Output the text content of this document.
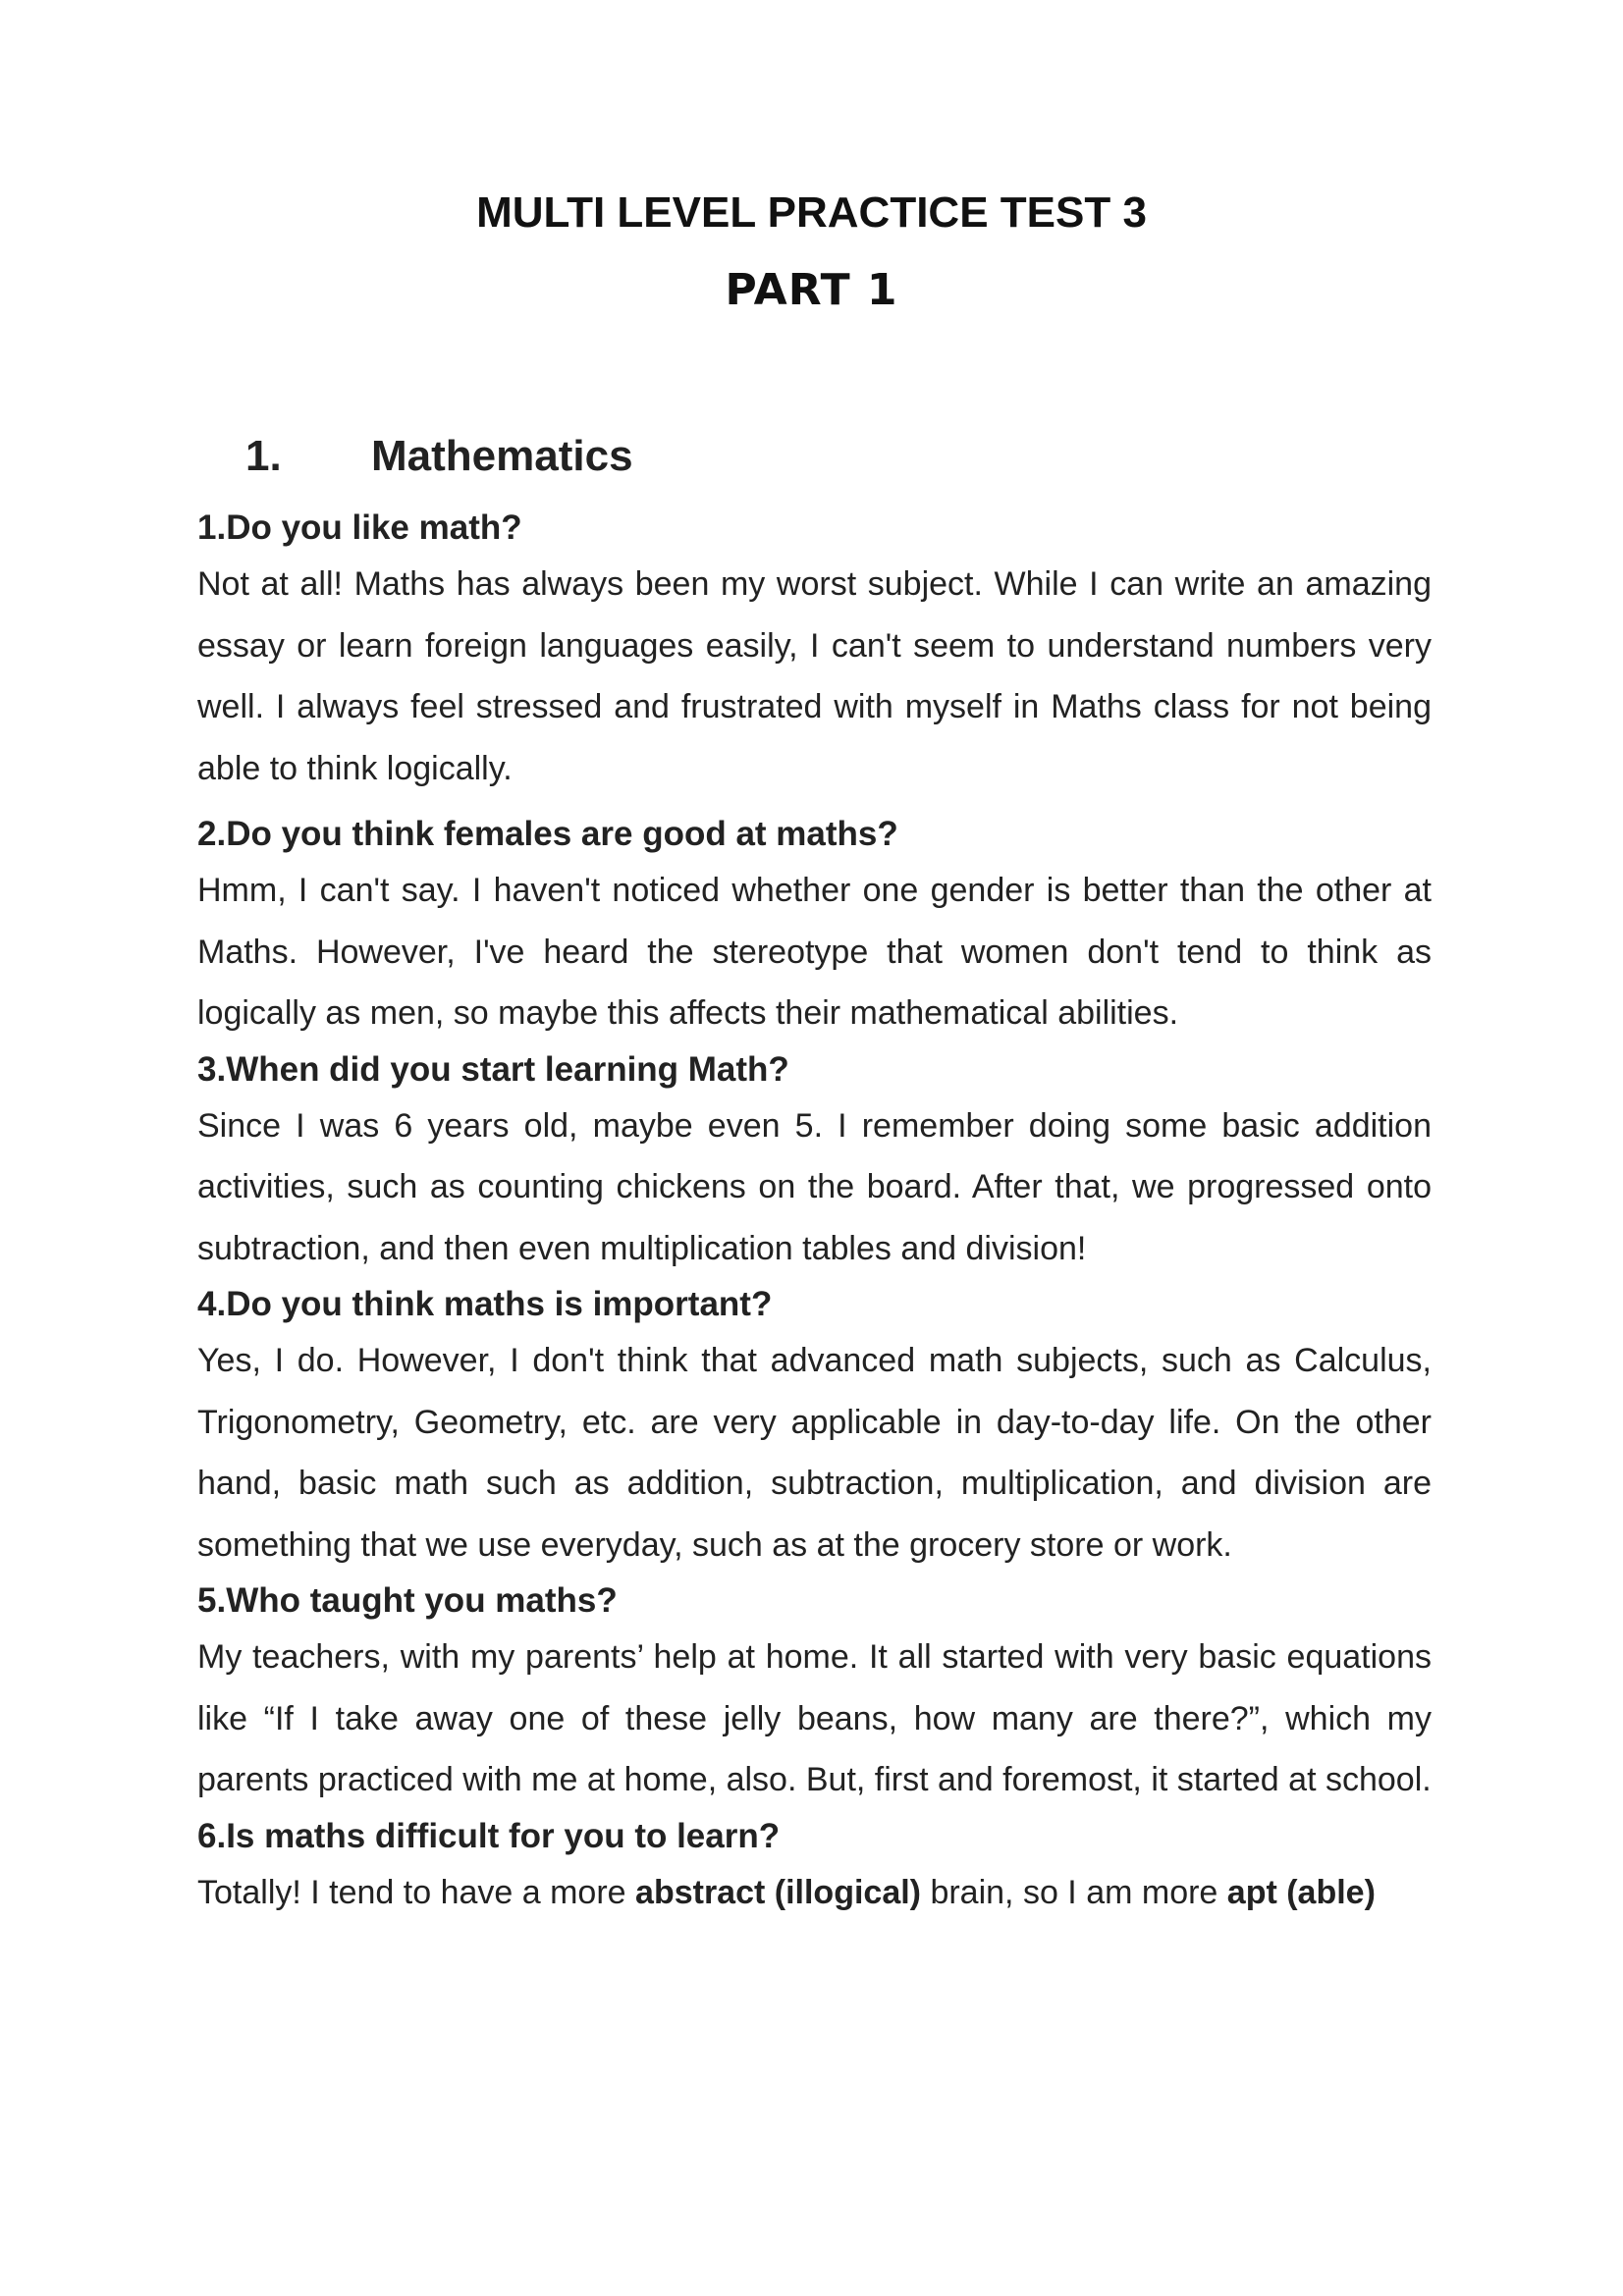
MULTI LEVEL PRACTICE TEST 3
PART 1
1. Mathematics

1.Do you like math?

Not at all! Maths has always been my worst subject. While I can write an amazing essay or learn foreign languages easily, I can't seem to understand numbers very well. I always feel stressed and frustrated with myself in Maths class for not being able to think logically.

2.Do you think females are good at maths?

Hmm, I can't say. I haven't noticed whether one gender is better than the other at Maths. However, I've heard the stereotype that women don't tend to think as logically as men, so maybe this affects their mathematical abilities.

3.When did you start learning Math?

Since I was 6 years old, maybe even 5. I remember doing some basic addition activities, such as counting chickens on the board. After that, we progressed onto subtraction, and then even multiplication tables and division!

4.Do you think maths is important?

Yes, I do. However, I don't think that advanced math subjects, such as Calculus, Trigonometry, Geometry, etc. are very applicable in day-to-day life. On the other hand, basic math such as addition, subtraction, multiplication, and division are something that we use everyday, such as at the grocery store or work.

5.Who taught you maths?

My teachers, with my parents’ help at home. It all started with very basic equations like “If I take away one of these jelly beans, how many are there?”, which my parents practiced with me at home, also. But, first and foremost, it started at school.

6.Is maths difficult for you to learn?

Totally! I tend to have a more abstract (illogical) brain, so I am more apt (able)
